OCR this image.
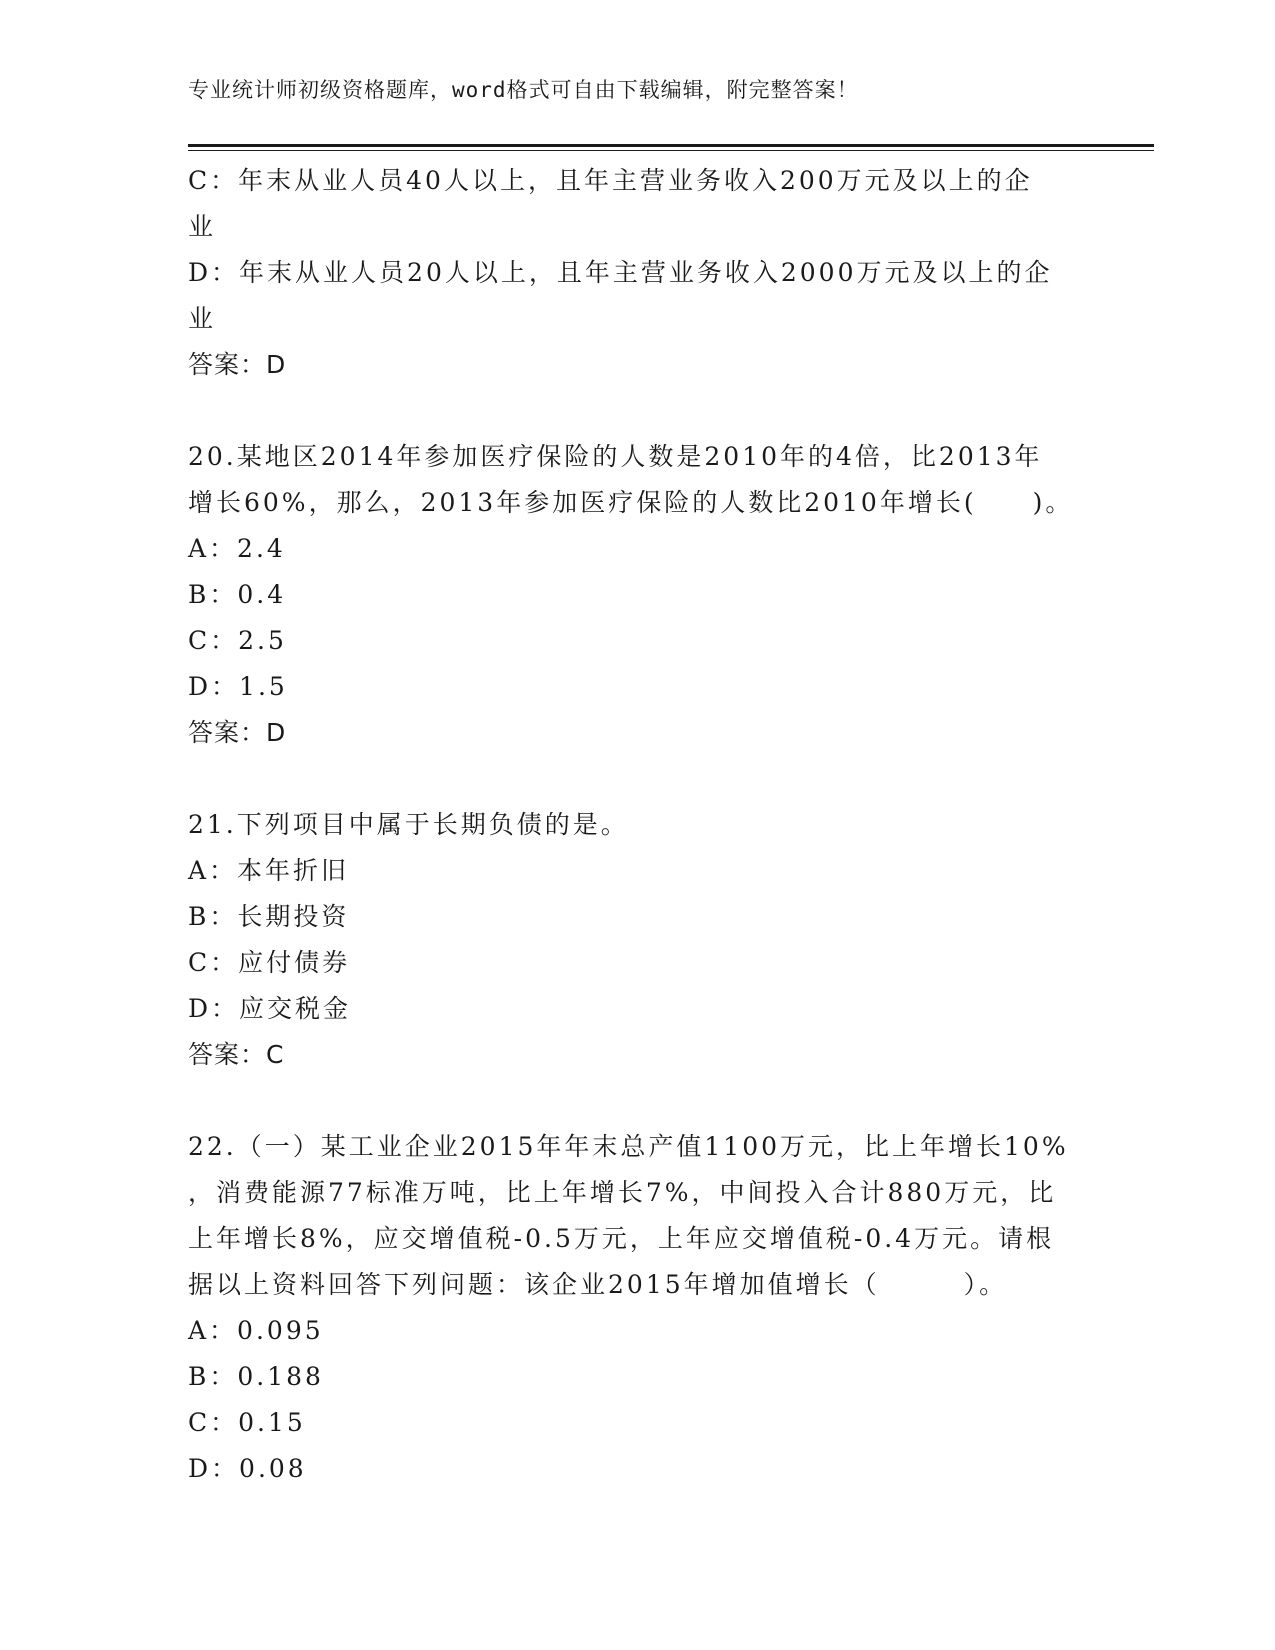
专业统计师初级资格题库，word格式可自由下载编辑，附完整答案！
C：年末从业人员40人以上，且年主营业务收入200万元及以上的企
业
D：年末从业人员20人以上，且年主营业务收入2000万元及以上的企
业
答案：D
20.某地区2014年参加医疗保险的人数是2010年的4倍，比2013年
增长60%，那么，2013年参加医疗保险的人数比2010年增长(　　)。
A：2.4
B：0.4
C：2.5
D：1.5
答案：D
21.下列项目中属于长期负债的是。
A：本年折旧
B：长期投资
C：应付债券
D：应交税金
答案：C
22.（一）某工业企业2015年年末总产值1100万元，比上年增长10%
，消费能源77标准万吨，比上年增长7%，中间投入合计880万元，比
上年增长8%，应交增值税-0.5万元，上年应交增值税-0.4万元。请根
据以上资料回答下列问题：该企业2015年增加值增长（　　　）。
A：0.095
B：0.188
C：0.15
D：0.08
